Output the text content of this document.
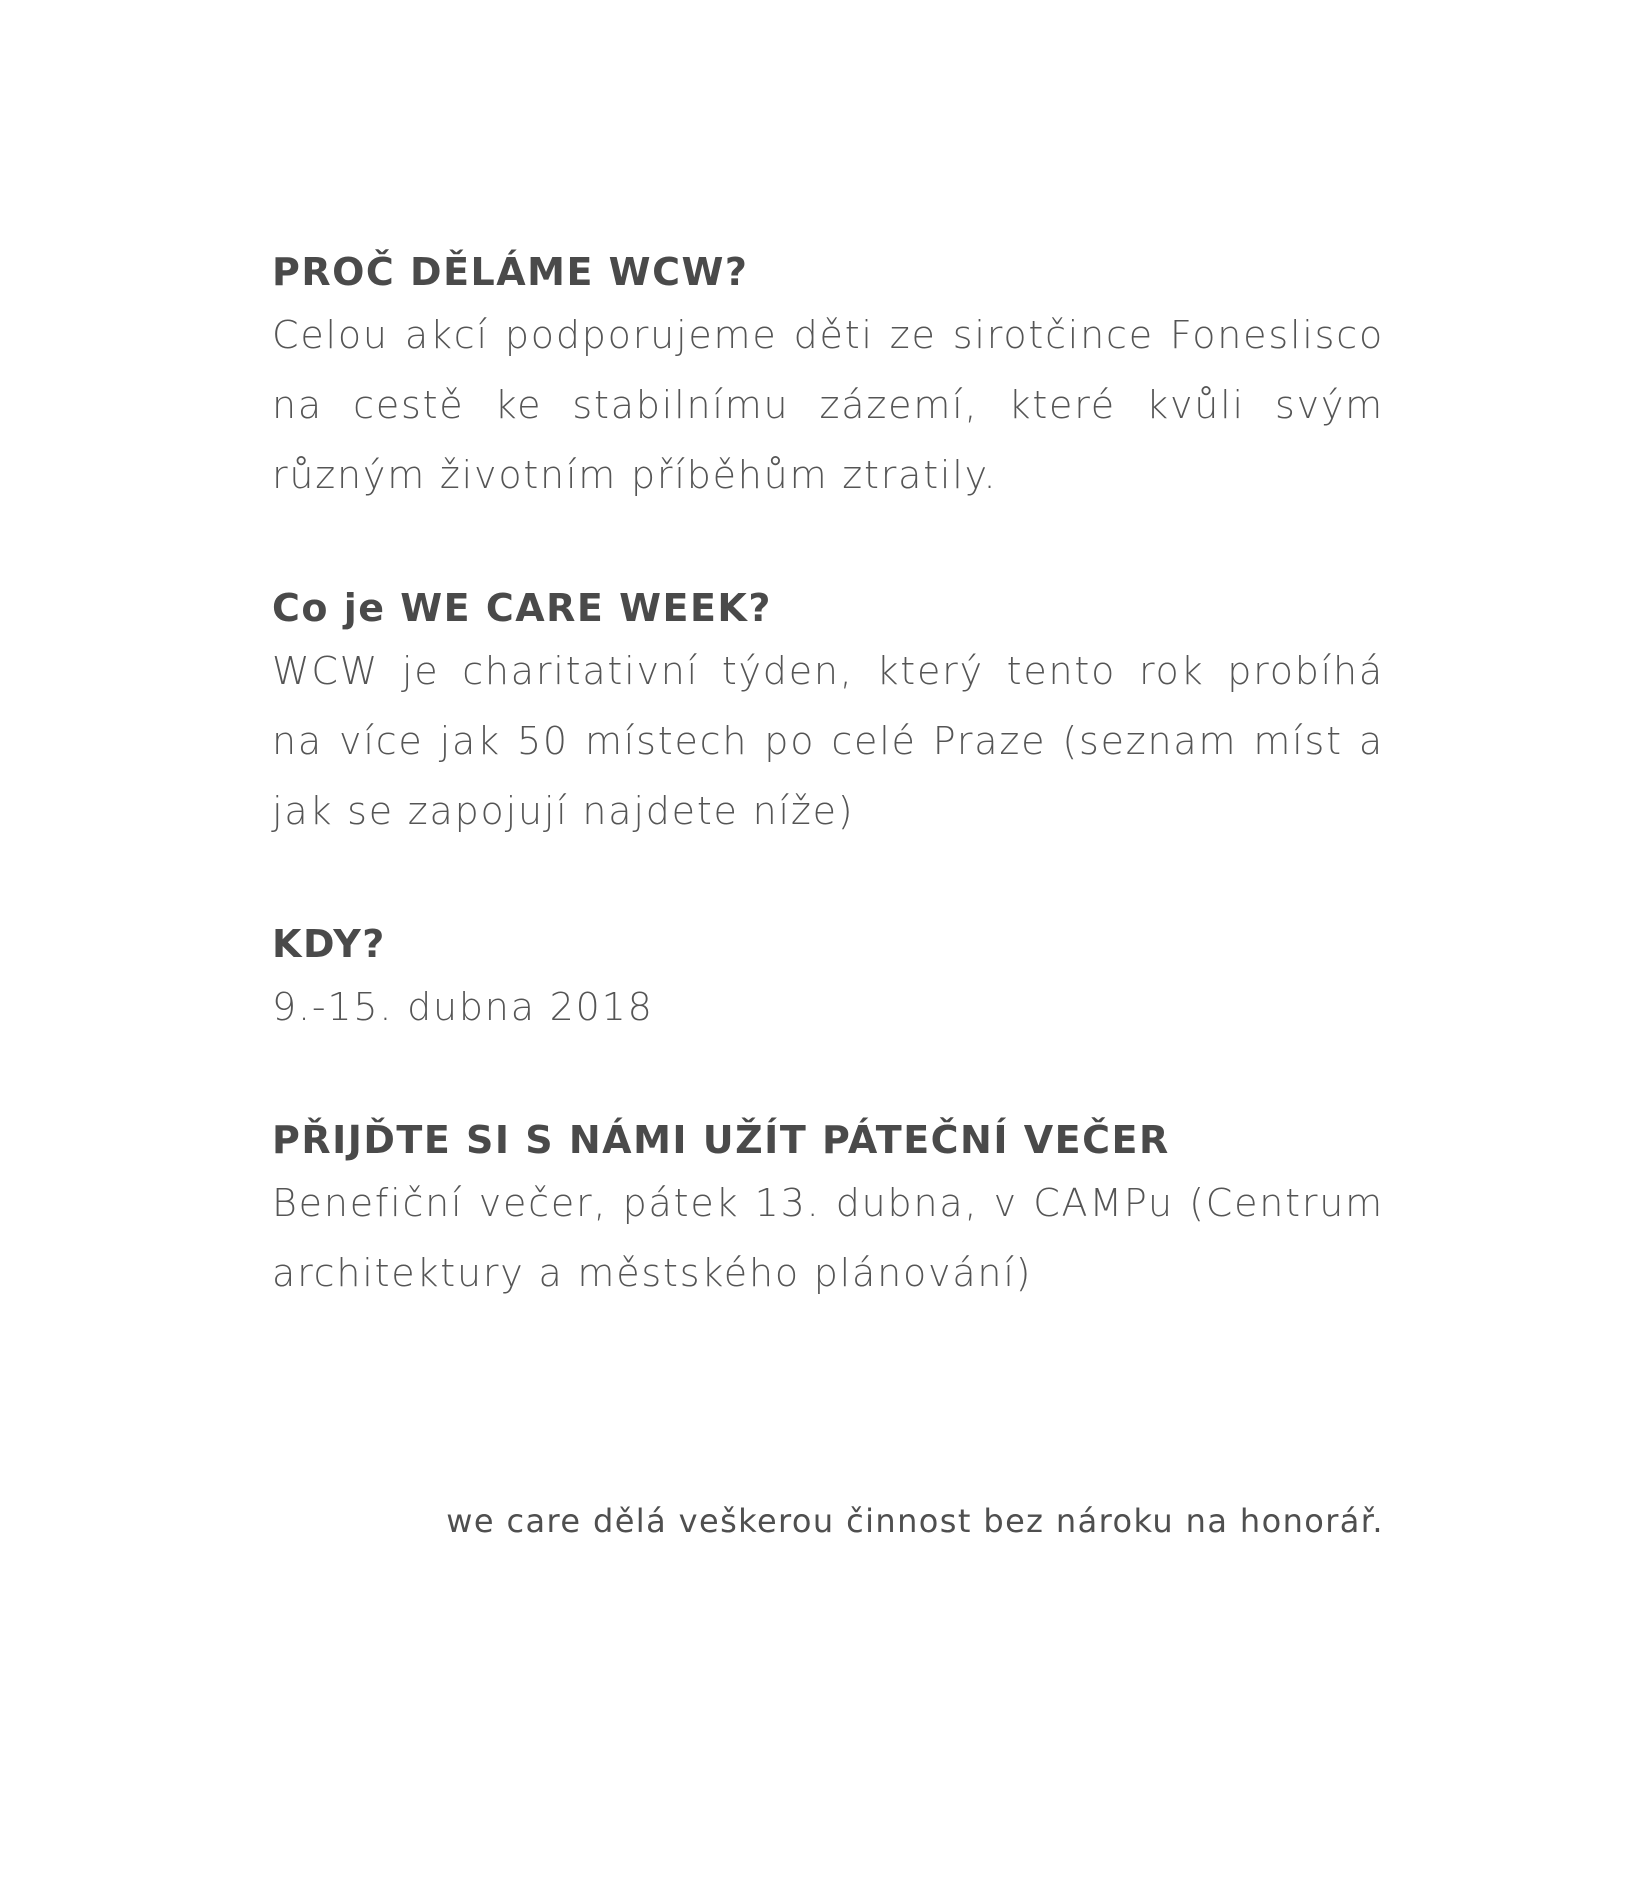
PROČ DĚLÁME WCW?

Celou akcí podporujeme děti ze sirotčince Foneslisco na cestě ke stabilnímu zázemí, které kvůli svým různým životním příběhům ztratily.

Co je WE CARE WEEK?

WCW je charitativní týden, který tento rok probíhá na více jak 50 místech po celé Praze (seznam míst a jak se zapojují najdete níže)

KDY?

9.-15. dubna 2018

PŘIJĎTE SI S NÁMI UŽÍT PÁTEČNÍ VEČER

Benefiční večer, pátek 13. dubna, v CAMPu (Centrum architektury a městského plánování)

we care dělá veškerou činnost bez nároku na honorář.
